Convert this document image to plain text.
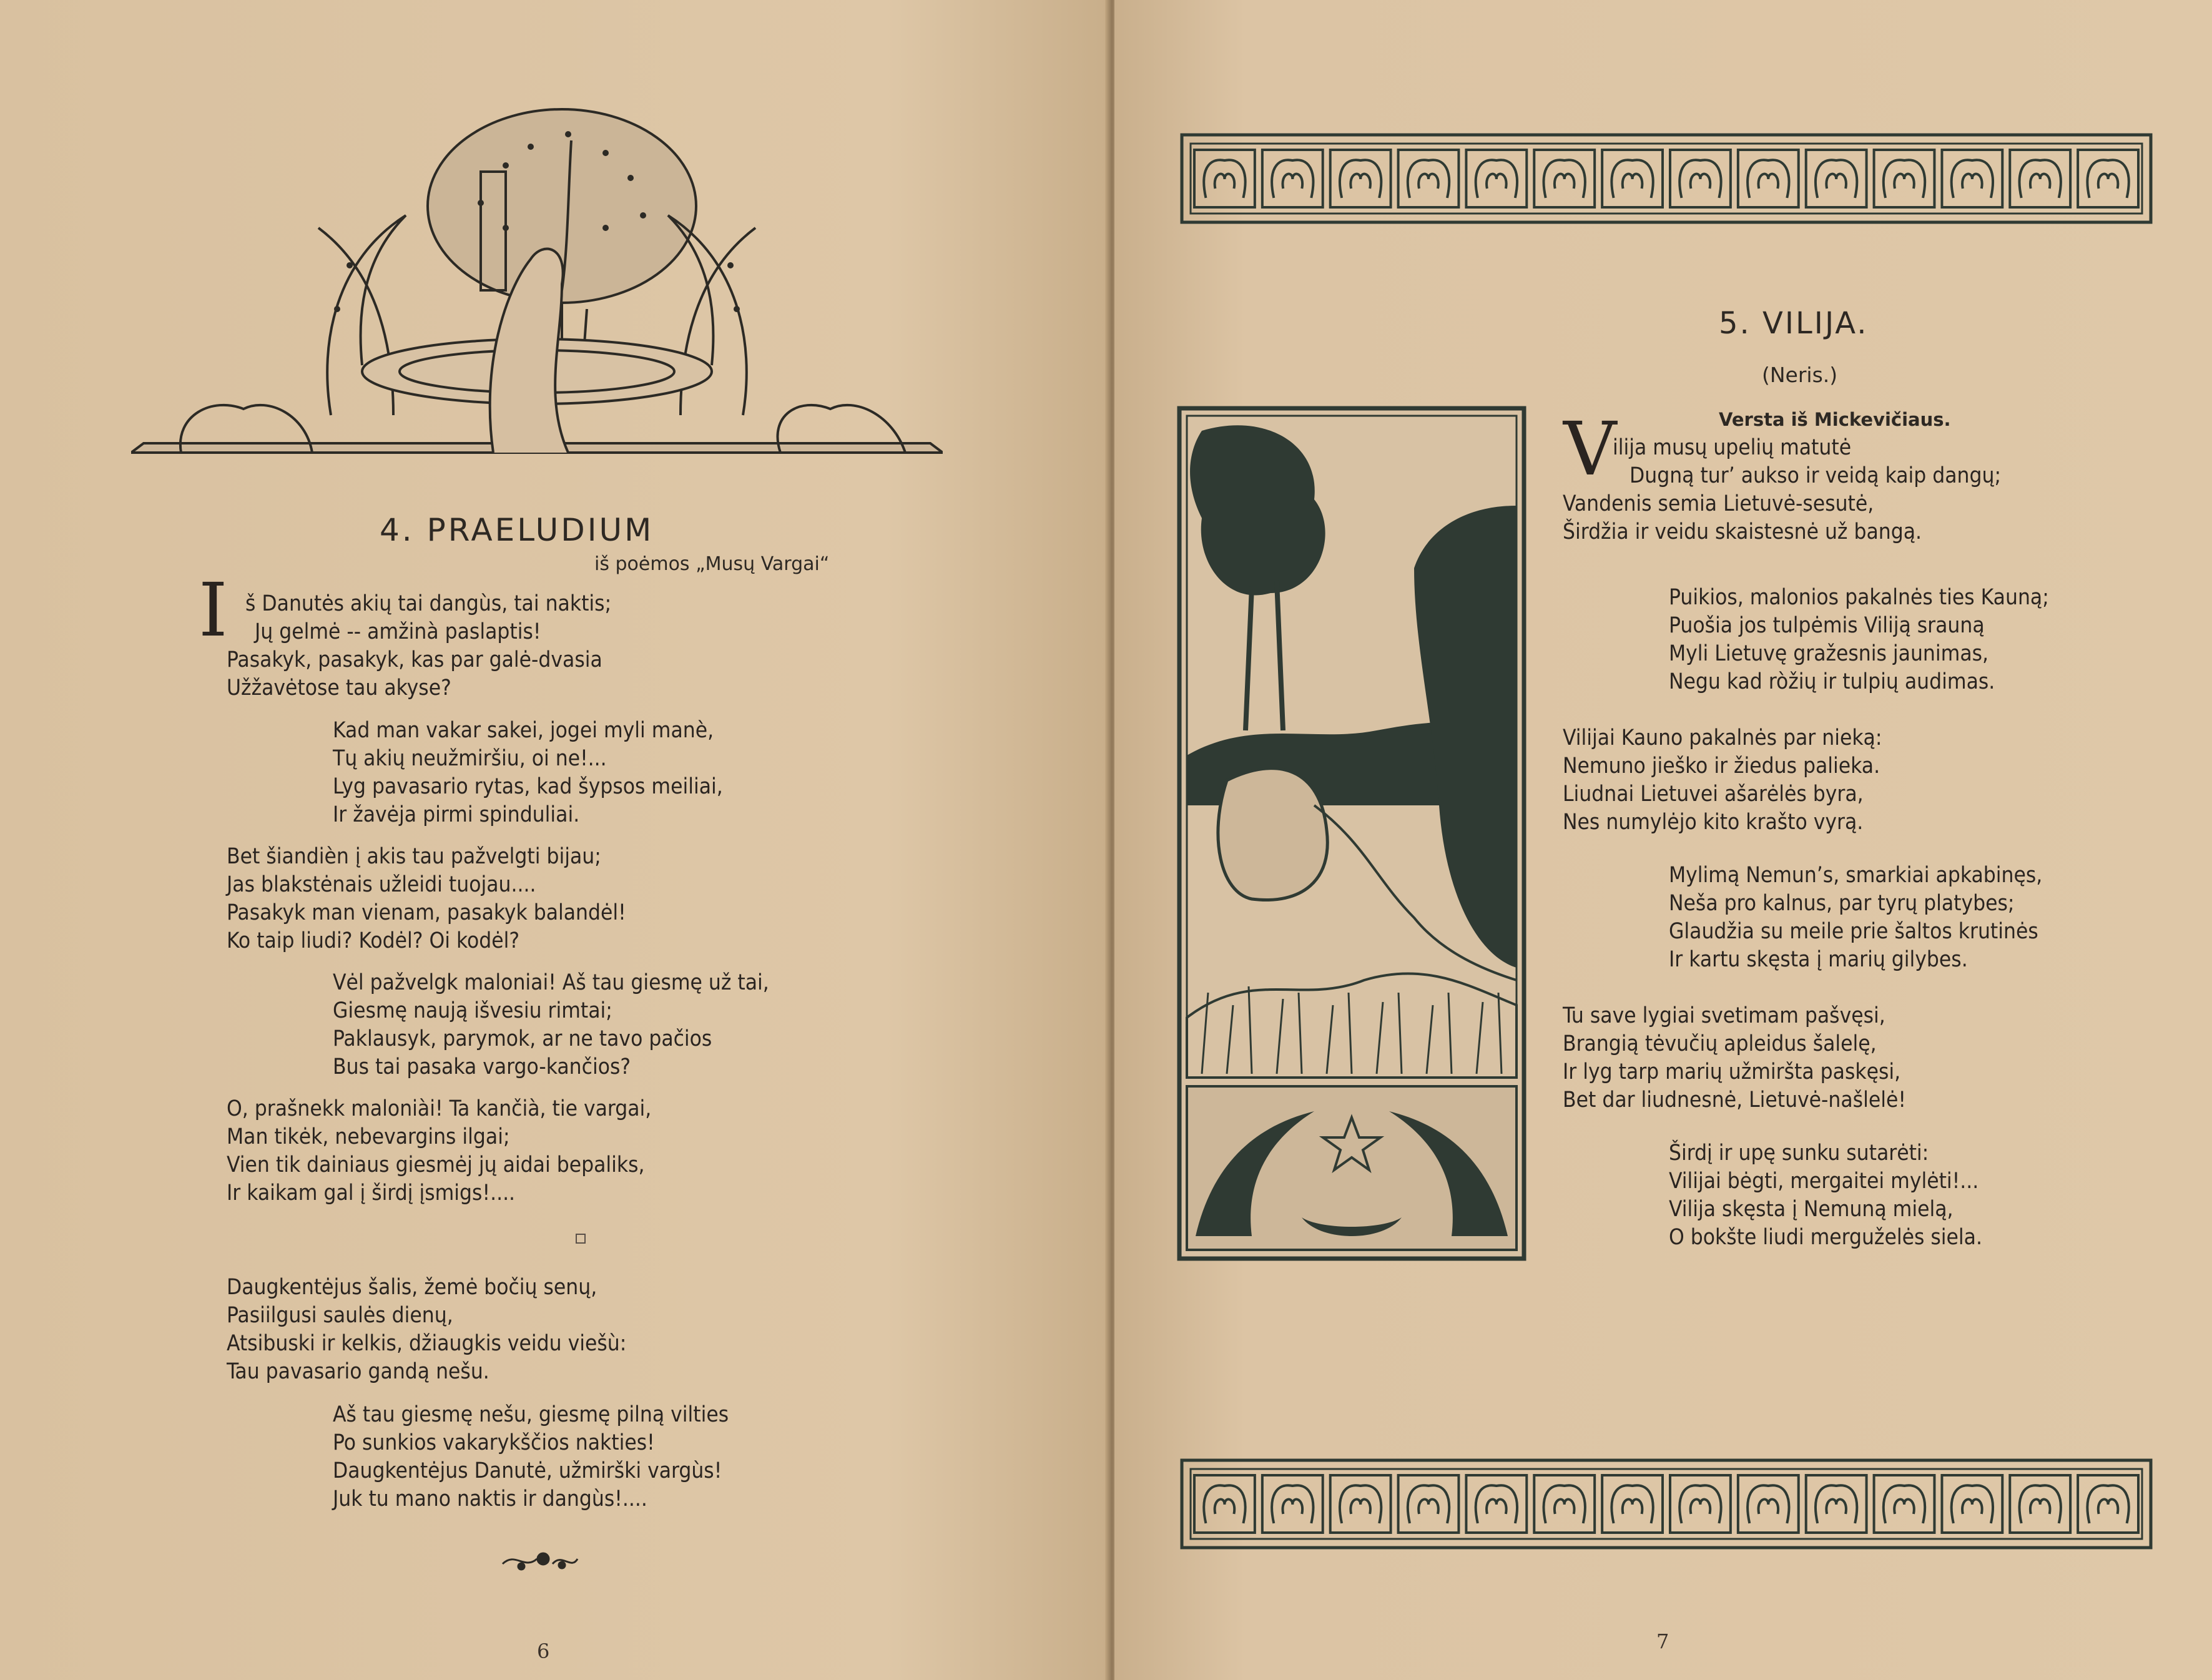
4. PRAELUDIUM
iš poėmos „Musų Vargai“
I š Danutės akių tai dangùs, tai naktis;
Jų gelmė -- amžinà paslaptis!
Pasakyk, pasakyk, kas par galė-dvasia
Užžavėtose tau akyse?
Kad man vakar sakei, jogei myli manè,
Tų akių neužmiršiu, oi ne!...
Lyg pavasario rytas, kad šypsos meiliai,
Ir žavėja pirmi spinduliai.
Bet šiandièn į akis tau pažvelgti bijau;
Jas blakstėnais užleidi tuojau....
Pasakyk man vienam, pasakyk balandėl!
Ko taip liudi? Kodėl? Oi kodėl?
Vėl pažvelgk maloniai! Aš tau giesmę už tai,
Giesmę naują išvesiu rimtai;
Paklausyk, parymok, ar ne tavo pačios
Bus tai pasaka vargo-kančios?
O, prašnekk maloniài! Ta kančià, tie vargai,
Man tikėk, nebevargins ilgai;
Vien tik dainiaus giesmėj jų aidai bepaliks,
Ir kaikam gal į širdį įsmigs!....
Daugkentėjus šalis, žemė bočių senų,
Pasiilgusi saulės dienų,
Atsibuski ir kelkis, džiaugkis veidu viešù:
Tau pavasario gandą nešu.
Aš tau giesmę nešu, giesmę pilną vilties
Po sunkios vakarykščios nakties!
Daugkentėjus Danutė, užmirški vargùs!
Juk tu mano naktis ir dangùs!....
6
5. VILIJA.
(Neris.)
Versta iš Mickevičiaus.
V
ilija musų upelių matutė
Dugną tur’ aukso ir veidą kaip dangų;
Vandenis semia Lietuvė-sesutė,
Širdžia ir veidu skaistesnė už bangą.
Puikios, malonios pakalnės ties Kauną;
Puošia jos tulpėmis Viliją srauną
Myli Lietuvę gražesnis jaunimas,
Negu kad ròžių ir tulpių audimas.
Vilijai Kauno pakalnės par nieką:
Nemuno jieško ir žiedus palieka.
Liudnai Lietuvei ašarėlės byra,
Nes numylėjo kito krašto vyrą.
Mylimą Nemun’s, smarkiai apkabinęs,
Neša pro kalnus, par tyrų platybes;
Glaudžia su meile prie šaltos krutinės
Ir kartu skęsta į marių gilybes.
Tu save lygiai svetimam pašvęsi,
Brangią tėvučių apleidus šalelę,
Ir lyg tarp marių užmiršta paskęsi,
Bet dar liudnesnė, Lietuvė-našlelė!
Širdį ir upę sunku sutarėti:
Vilijai bėgti, mergaitei mylėti!...
Vilija skęsta į Nemuną mielą,
O bokšte liudi merguželės siela.
7
